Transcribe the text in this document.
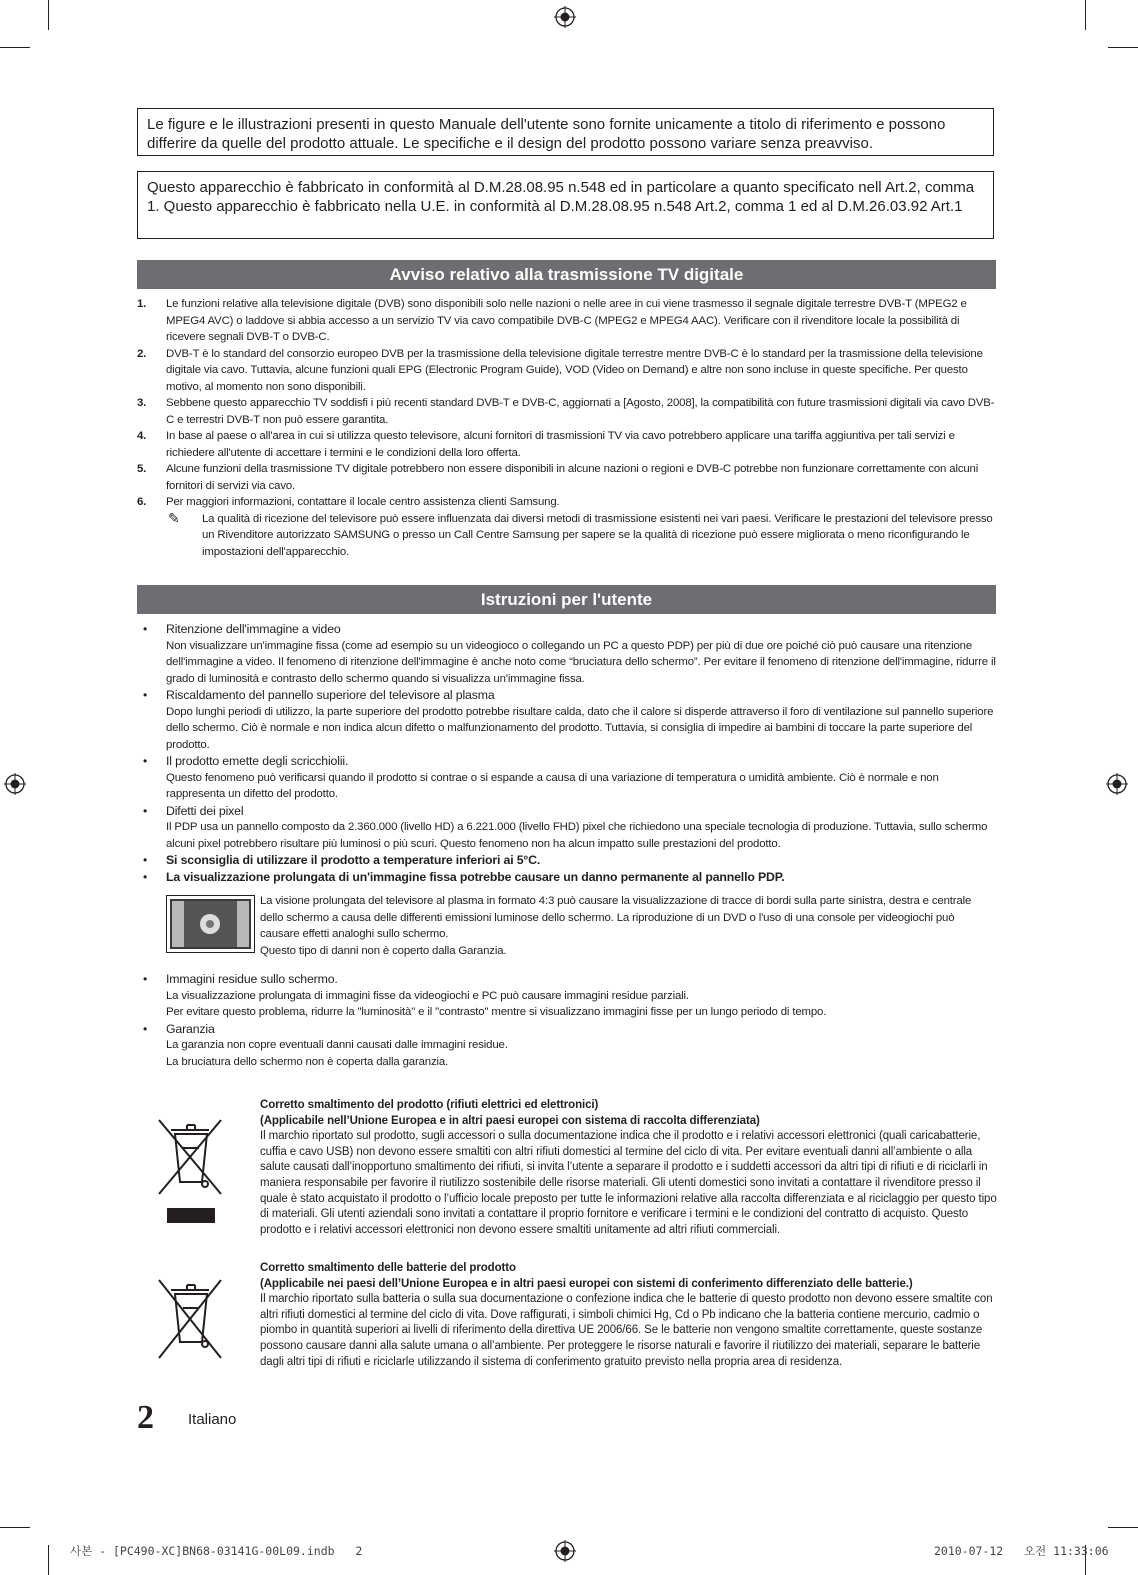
Le figure e le illustrazioni presenti in questo Manuale dell'utente sono fornite unicamente a titolo di riferimento e possono differire da quelle del prodotto attuale. Le specifiche e il design del prodotto possono variare senza preavviso.
Questo apparecchio è fabbricato in conformità al D.M.28.08.95 n.548 ed in particolare a quanto specificato nell Art.2, comma 1. Questo apparecchio è fabbricato nella U.E. in conformità al D.M.28.08.95 n.548 Art.2, comma 1 ed al D.M.26.03.92 Art.1
Avviso relativo alla trasmissione TV digitale
1. Le funzioni relative alla televisione digitale (DVB) sono disponibili solo nelle nazioni o nelle aree in cui viene trasmesso il segnale digitale terrestre DVB-T (MPEG2 e MPEG4 AVC) o laddove si abbia accesso a un servizio TV via cavo compatibile DVB-C (MPEG2 e MPEG4 AAC). Verificare con il rivenditore locale la possibilità di ricevere segnali DVB-T o DVB-C.
2. DVB-T è lo standard del consorzio europeo DVB per la trasmissione della televisione digitale terrestre mentre DVB-C è lo standard per la trasmissione della televisione digitale via cavo. Tuttavia, alcune funzioni quali EPG (Electronic Program Guide), VOD (Video on Demand) e altre non sono incluse in queste specifiche. Per questo motivo, al momento non sono disponibili.
3. Sebbene questo apparecchio TV soddisfi i più recenti standard DVB-T e DVB-C, aggiornati a [Agosto, 2008], la compatibilità con future trasmissioni digitali via cavo DVB-C e terrestri DVB-T non può essere garantita.
4. In base al paese o all'area in cui si utilizza questo televisore, alcuni fornitori di trasmissioni TV via cavo potrebbero applicare una tariffa aggiuntiva per tali servizi e richiedere all'utente di accettare i termini e le condizioni della loro offerta.
5. Alcune funzioni della trasmissione TV digitale potrebbero non essere disponibili in alcune nazioni o regioni e DVB-C potrebbe non funzionare correttamente con alcuni fornitori di servizi via cavo.
6. Per maggiori informazioni, contattare il locale centro assistenza clienti Samsung.
✎ La qualità di ricezione del televisore può essere influenzata dai diversi metodi di trasmissione esistenti nei vari paesi. Verificare le prestazioni del televisore presso un Rivenditore autorizzato SAMSUNG o presso un Call Centre Samsung per sapere se la qualità di ricezione può essere migliorata o meno riconfigurando le impostazioni dell'apparecchio.
Istruzioni per l'utente
• Ritenzione dell'immagine a video
Non visualizzare un'immagine fissa (come ad esempio su un videogioco o collegando un PC a questo PDP) per più di due ore poiché ciò può causare una ritenzione dell'immagine a video. Il fenomeno di ritenzione dell'immagine è anche noto come “bruciatura dello schermo”. Per evitare il fenomeno di ritenzione dell'immagine, ridurre il grado di luminosità e contrasto dello schermo quando si visualizza un'immagine fissa.
• Riscaldamento del pannello superiore del televisore al plasma
Dopo lunghi periodi di utilizzo, la parte superiore del prodotto potrebbe risultare calda, dato che il calore si disperde attraverso il foro di ventilazione sul pannello superiore dello schermo. Ciò è normale e non indica alcun difetto o malfunzionamento del prodotto. Tuttavia, si consiglia di impedire ai bambini di toccare la parte superiore del prodotto.
• Il prodotto emette degli scricchiolii.
Questo fenomeno può verificarsi quando il prodotto si contrae o si espande a causa di una variazione di temperatura o umidità ambiente. Ciò è normale e non rappresenta un difetto del prodotto.
• Difetti dei pixel
Il PDP usa un pannello composto da 2.360.000 (livello HD) a 6.221.000 (livello FHD) pixel che richiedono una speciale tecnologia di produzione. Tuttavia, sullo schermo alcuni pixel potrebbero risultare più luminosi o più scuri. Questo fenomeno non ha alcun impatto sulle prestazioni del prodotto.
• Si sconsiglia di utilizzare il prodotto a temperature inferiori ai 5°C.
• La visualizzazione prolungata di un'immagine fissa potrebbe causare un danno permanente al pannello PDP.
La visione prolungata del televisore al plasma in formato 4:3 può causare la visualizzazione di tracce di bordi sulla parte sinistra, destra e centrale dello schermo a causa delle differenti emissioni luminose dello schermo. La riproduzione di un DVD o l'uso di una console per videogiochi può causare effetti analoghi sullo schermo.
Questo tipo di danni non è coperto dalla Garanzia.
• Immagini residue sullo schermo.
La visualizzazione prolungata di immagini fisse da videogiochi e PC può causare immagini residue parziali.
Per evitare questo problema, ridurre la "luminosità" e il "contrasto" mentre si visualizzano immagini fisse per un lungo periodo di tempo.
• Garanzia
La garanzia non copre eventuali danni causati dalle immagini residue.
La bruciatura dello schermo non è coperta dalla garanzia.
Corretto smaltimento del prodotto (rifiuti elettrici ed elettronici)
(Applicabile nell’Unione Europea e in altri paesi europei con sistema di raccolta differenziata)
Il marchio riportato sul prodotto, sugli accessori o sulla documentazione indica che il prodotto e i relativi accessori elettronici (quali caricabatterie, cuffia e cavo USB) non devono essere smaltiti con altri rifiuti domestici al termine del ciclo di vita. Per evitare eventuali danni all’ambiente o alla salute causati dall’inopportuno smaltimento dei rifiuti, si invita l’utente a separare il prodotto e i suddetti accessori da altri tipi di rifiuti e di riciclarli in maniera responsabile per favorire il riutilizzo sostenibile delle risorse materiali. Gli utenti domestici sono invitati a contattare il rivenditore presso il quale è stato acquistato il prodotto o l’ufficio locale preposto per tutte le informazioni relative alla raccolta differenziata e al riciclaggio per questo tipo di materiali. Gli utenti aziendali sono invitati a contattare il proprio fornitore e verificare i termini e le condizioni del contratto di acquisto. Questo prodotto e i relativi accessori elettronici non devono essere smaltiti unitamente ad altri rifiuti commerciali.
Corretto smaltimento delle batterie del prodotto
(Applicabile nei paesi dell’Unione Europea e in altri paesi europei con sistemi di conferimento differenziato delle batterie.)
Il marchio riportato sulla batteria o sulla sua documentazione o confezione indica che le batterie di questo prodotto non devono essere smaltite con altri rifiuti domestici al termine del ciclo di vita. Dove raffigurati, i simboli chimici Hg, Cd o Pb indicano che la batteria contiene mercurio, cadmio o piombo in quantità superiori ai livelli di riferimento della direttiva UE 2006/66. Se le batterie non vengono smaltite correttamente, queste sostanze possono causare danni alla salute umana o all’ambiente. Per proteggere le risorse naturali e favorire il riutilizzo dei materiali, separare le batterie dagli altri tipi di rifiuti e riciclarle utilizzando il sistema di conferimento gratuito previsto nella propria area di residenza.
2 Italiano
사본 - [PC490-XC]BN68-03141G-00L09.indb   2	2010-07-12   오전 11:33:06
